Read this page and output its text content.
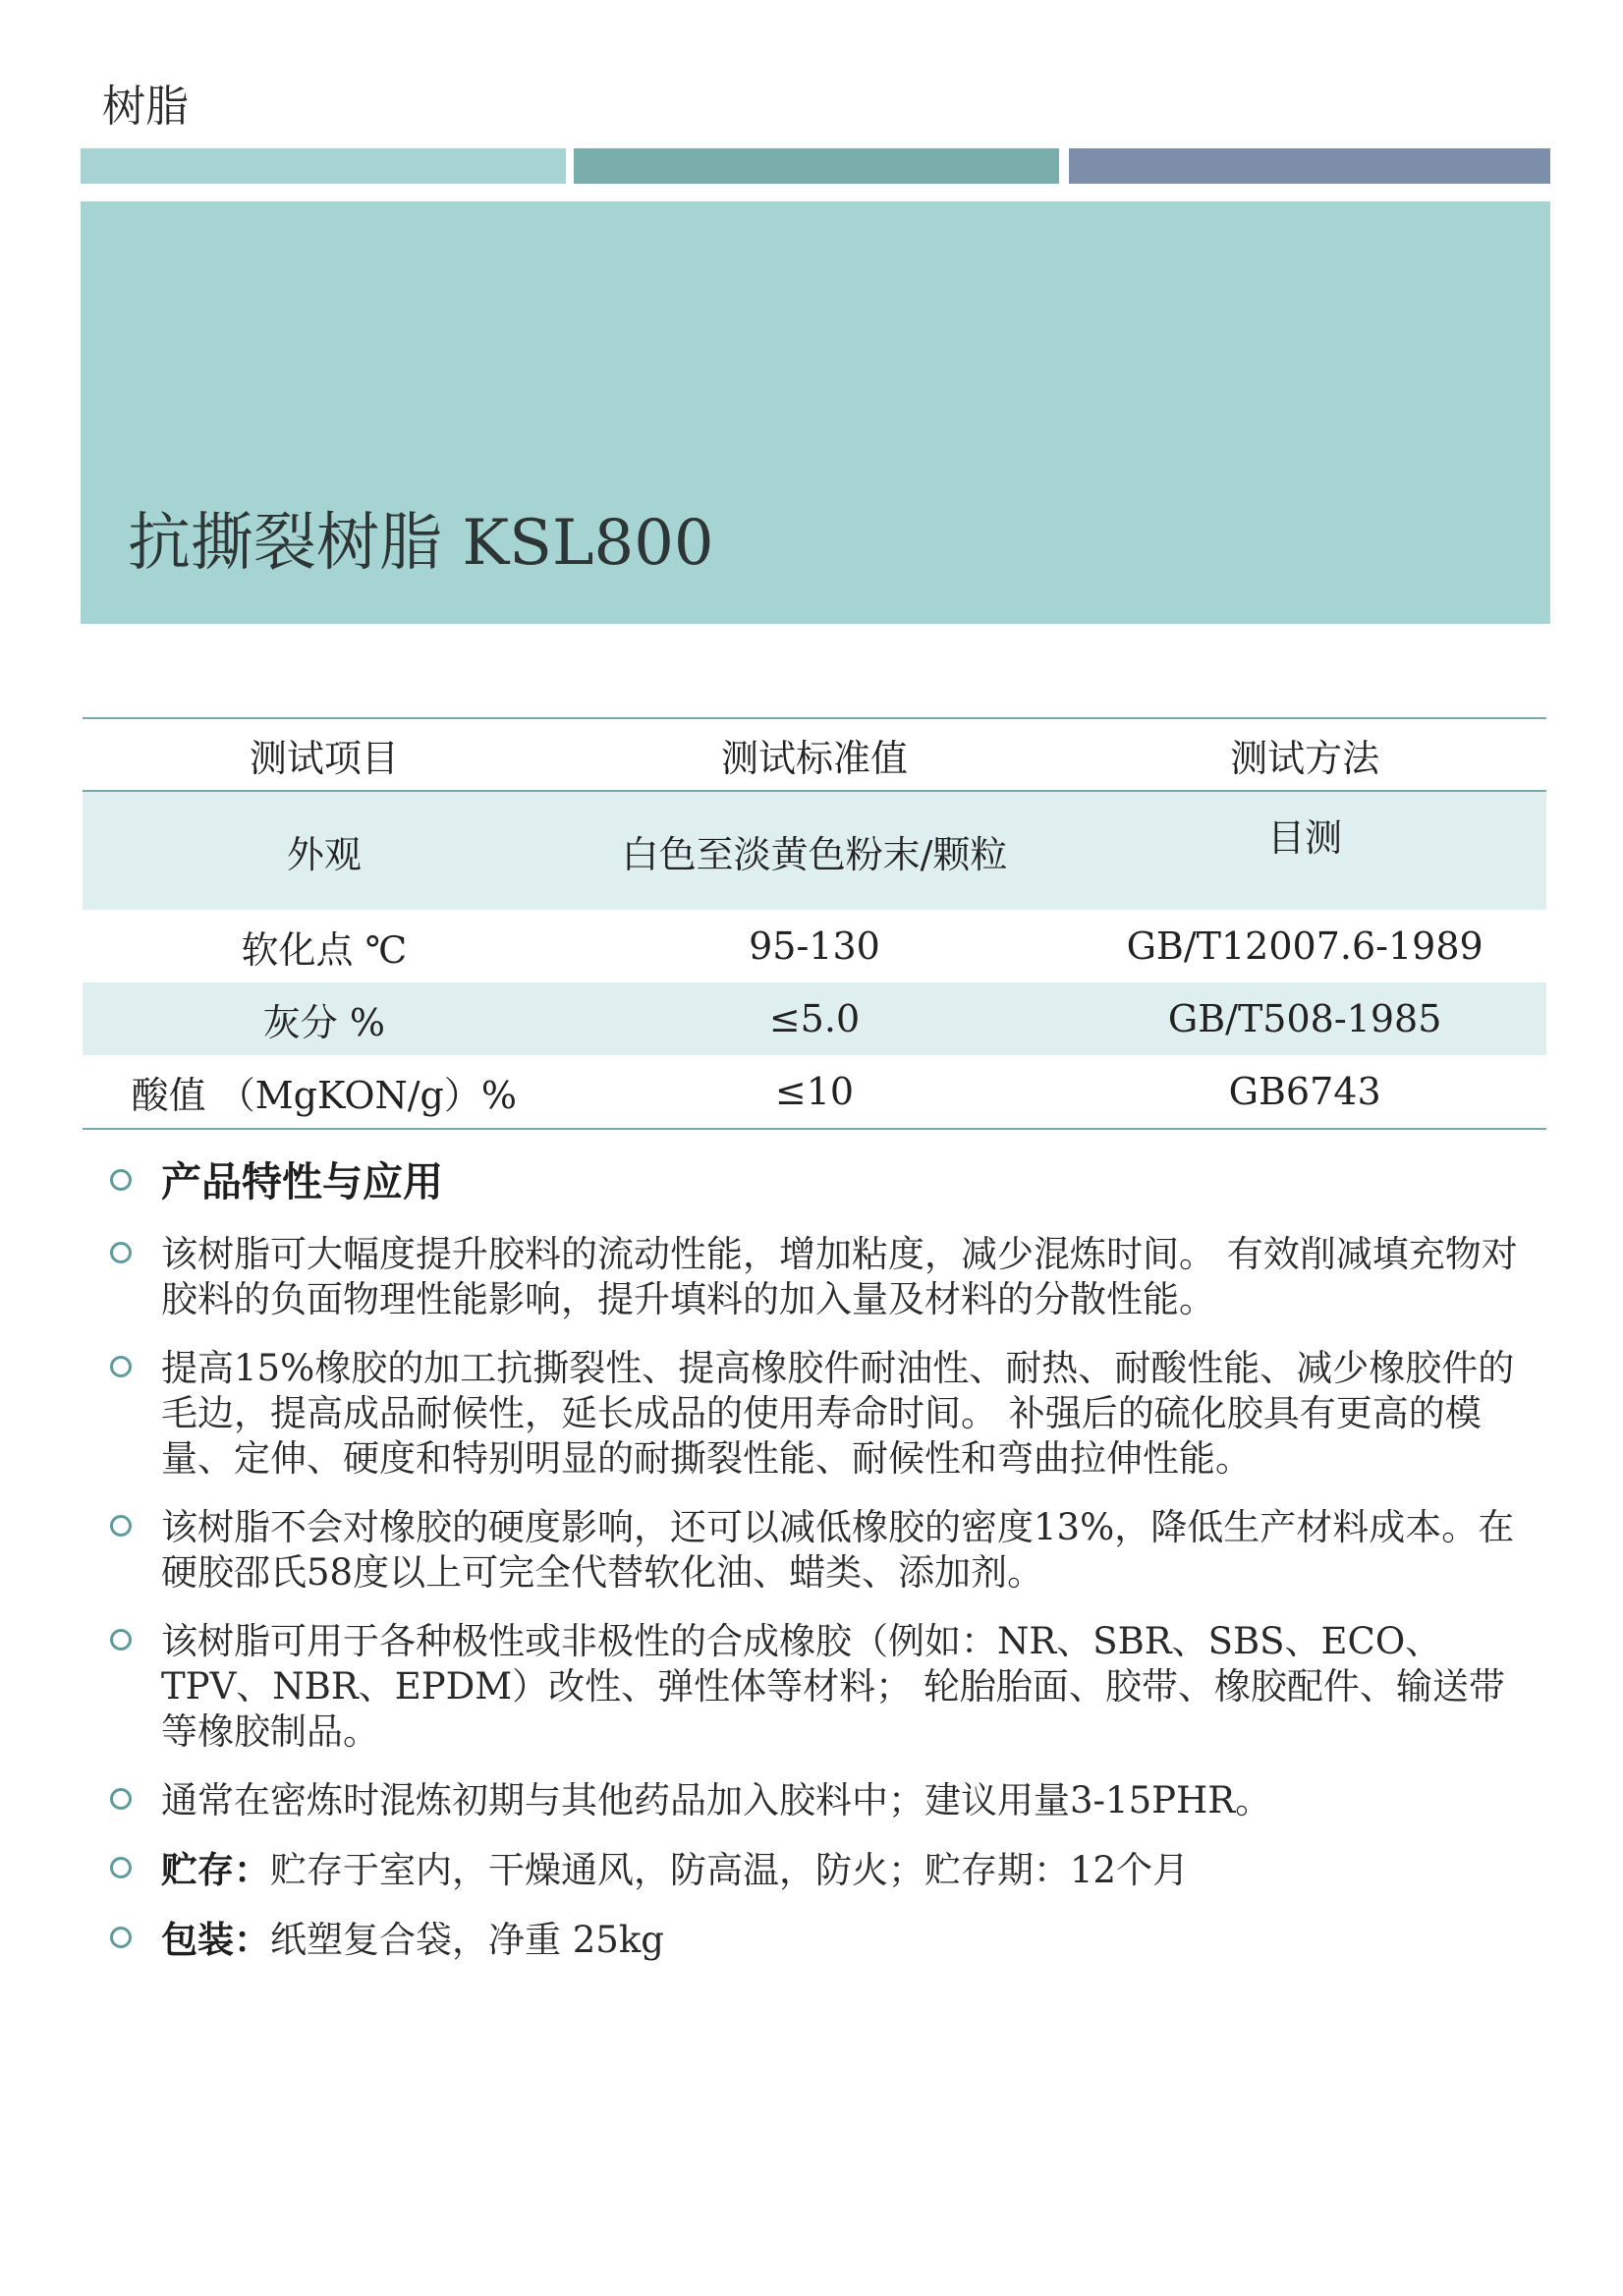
树脂
抗撕裂树脂 KSL800
测试项目	测试标准值	测试方法
外观	白色至淡黄色粉末/颗粒	目测
软化点 ℃	95-130	GB/T12007.6-1989
灰分 %	≤5.0	GB/T508-1985
酸值 （MgKON/g）%	≤10	GB6743
产品特性与应用
该树脂可大幅度提升胶料的流动性能，增加粘度，减少混炼时间。 有效削减填充物对胶料的负面物理性能影响，提升填料的加入量及材料的分散性能。
提高15%橡胶的加工抗撕裂性、提高橡胶件耐油性、耐热、耐酸性能、减少橡胶件的毛边，提高成品耐候性，延长成品的使用寿命时间。 补强后的硫化胶具有更高的模量、定伸、硬度和特别明显的耐撕裂性能、耐候性和弯曲拉伸性能。
该树脂不会对橡胶的硬度影响，还可以减低橡胶的密度13%，降低生产材料成本。在硬胶邵氏58度以上可完全代替软化油、蜡类、添加剂。
该树脂可用于各种极性或非极性的合成橡胶（例如：NR、SBR、SBS、ECO、TPV、NBR、EPDM）改性、弹性体等材料； 轮胎胎面、胶带、橡胶配件、输送带等橡胶制品。
通常在密炼时混炼初期与其他药品加入胶料中；建议用量3-15PHR。
贮存：贮存于室内，干燥通风，防高温，防火；贮存期：12个月
包装：纸塑复合袋，净重 25kg
